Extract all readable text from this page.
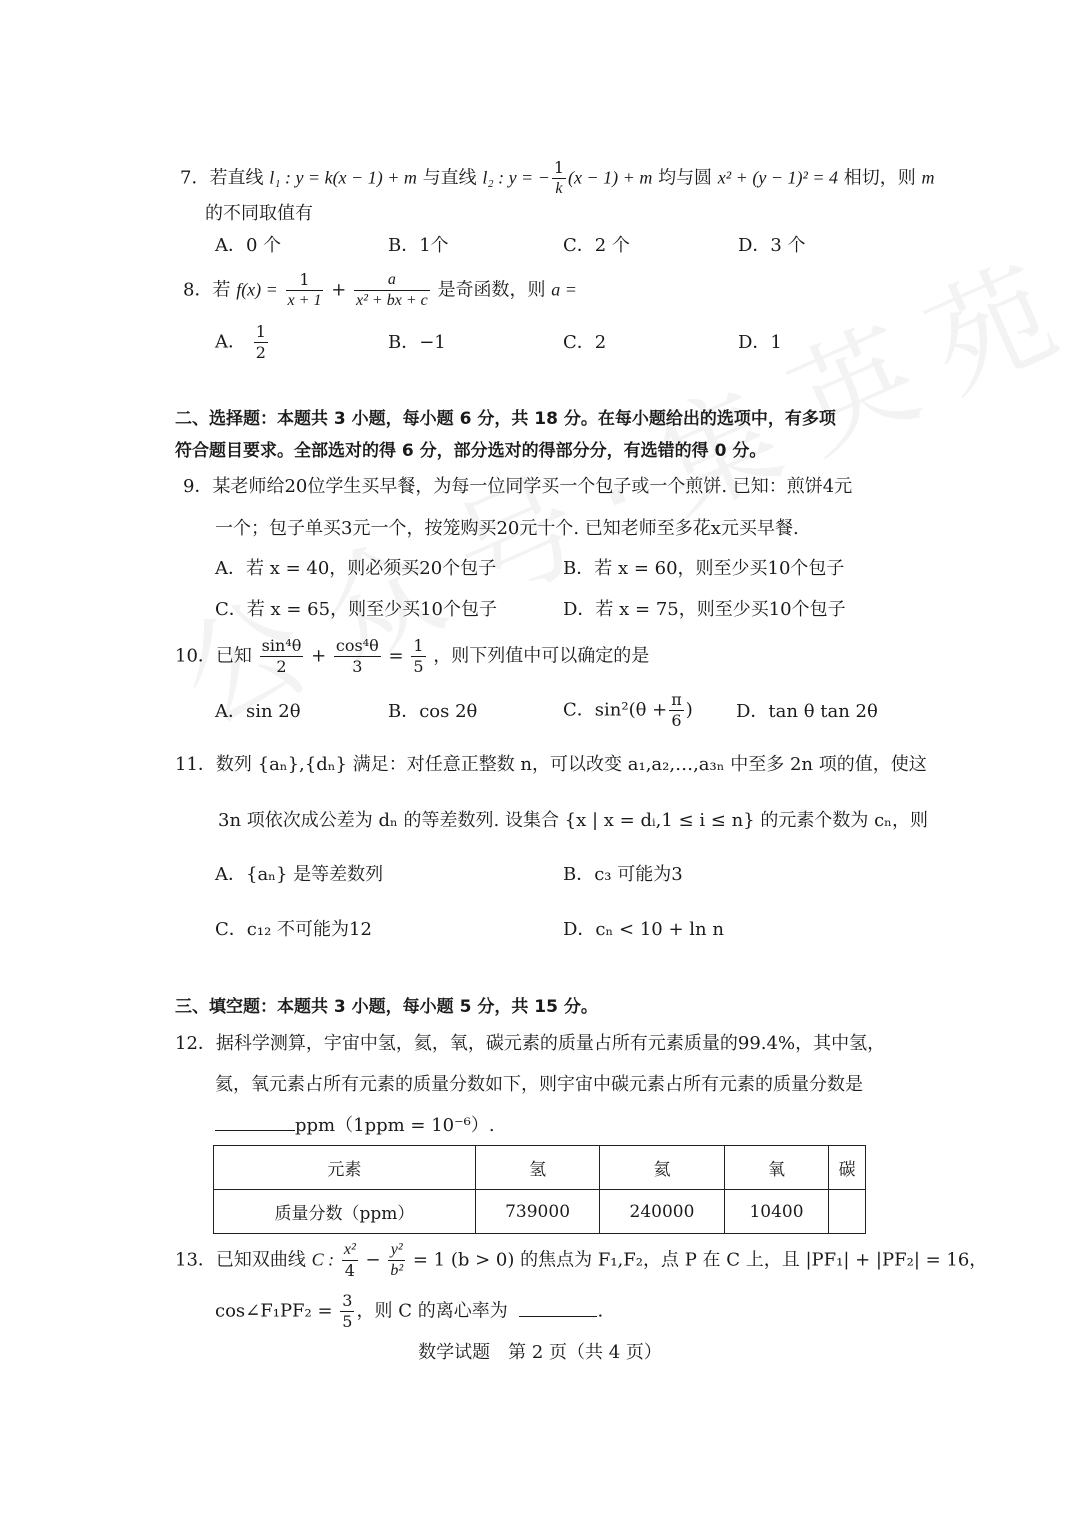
7．若直线 l₁ : y = k(x − 1) + m 与直线 l₂ : y = − $\frac{1}{k} (x - 1) + m$ 均与圆 x² + (y − 1)² = 4 相切，则 m
的不同取值有
A．0 个	B．1个	C．2 个	D．3 个
8．若 $f(x) = \frac{1}{x + 1} + \frac{a}{\text{x² + bx + c}}$ 是奇函数，则 a =
A． $\frac{1}{2}$	B．−1	C．2	D．1
二、选择题：本题共 3 小题，每小题 6 分，共 18 分。在每小题给出的选项中，有多项
符合题目要求。全部选对的得 6 分，部分选对的得部分分，有选错的得 0 分。
9．某老师给20位学生买早餐，为每一位同学买一个包子或一个煎饼. 已知：煎饼4元
一个；包子单买3元一个，按笼购买20元十个. 已知老师至多花x元买早餐.
A．若 x = 40，则必须买20个包子	B．若 x = 60，则至少买10个包子
C．若 x = 65，则至少买10个包子	D．若 x = 75，则至少买10个包子
10．已知 $\frac{\text{sin⁴θ}}{2} + \frac{\text{cos⁴θ}}{3} = \frac{1}{5}$ ，则下列值中可以确定的是
A．sin 2θ	B．cos 2θ	C．$\sin^2(\theta + \frac{\pi}{6}$ ) D．tan θ tan 2θ
11．数列 {aₙ},{dₙ} 满足：对任意正整数 n，可以改变 a₁,a₂,…,a₃ₙ 中至多 2n 项的值，使这
3n 项依次成公差为 dₙ 的等差数列. 设集合 {x | x = dᵢ,1 ≤ i ≤ n} 的元素个数为 cₙ，则
A．{aₙ} 是等差数列	B．c₃ 可能为3
C．c₁₂ 不可能为12	D．cₙ < 10 + ln n
三、填空题：本题共 3 小题，每小题 5 分，共 15 分。
12．据科学测算，宇宙中氢，氦，氧，碳元素的质量占所有元素质量的99.4%，其中氢，
氦，氧元素占所有元素的质量分数如下，则宇宙中碳元素占所有元素的质量分数是
ppm（1ppm = 10⁻⁶）.
元素	氢	氦	氧	碳
质量分数（ppm）	739000	240000	10400	
13．已知双曲线 C : $\frac{\text{x²}}{4} - \frac{\text{y²}}{\text{b²}} = 1$ (b > 0) 的焦点为 F₁,F₂，点 P 在 C 上，且 |PF₁| + |PF₂| = 16，
cos∠F₁PF₂ = $\frac{3}{5}$ ，则 C 的离心率为	.
数学试题　第 2 页（共 4 页）
